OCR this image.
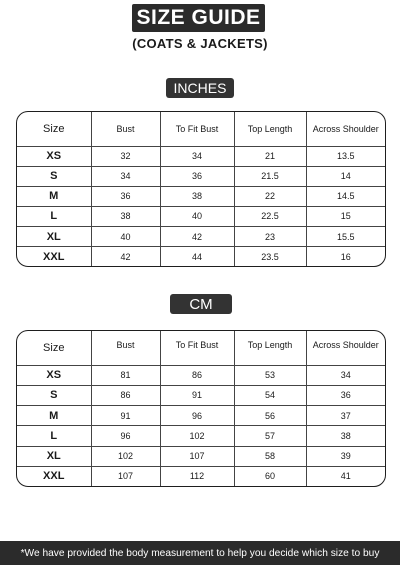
SIZE GUIDE
(COATS & JACKETS)
INCHES
Size	Bust	To Fit Bust	Top Length	Across Shoulder
XS	32	34	21	13.5
S	34	36	21.5	14
M	36	38	22	14.5
L	38	40	22.5	15
XL	40	42	23	15.5
XXL	42	44	23.5	16
CM
Size	Bust	To Fit Bust	Top Length	Across Shoulder
XS	81	86	53	34
S	86	91	54	36
M	91	96	56	37
L	96	102	57	38
XL	102	107	58	39
XXL	107	112	60	41
*We have provided the body measurement to help you decide which size to buy
